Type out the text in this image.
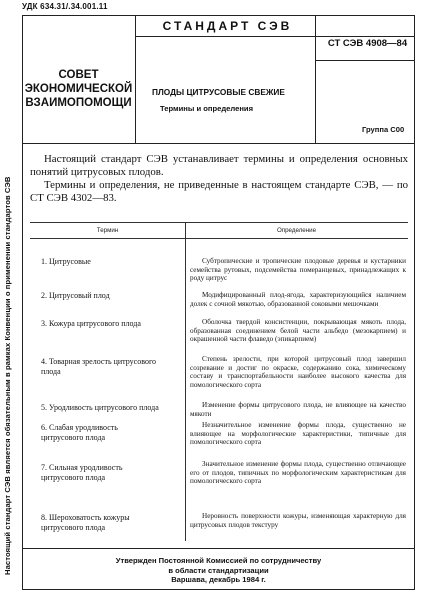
УДК 634.31/.34.001.11
Настоящий стандарт СЭВ является обязательным в рамках Конвенции о применении стандартов СЭВ
СОВЕТ
ЭКОНОМИЧЕСКОЙ
ВЗАИМОПОМОЩИ
СТАНДАРТ СЭВ
СТ СЭВ 4908—84
ПЛОДЫ ЦИТРУСОВЫЕ СВЕЖИЕ
Термины и определения
Группа С00

Настоящий стандарт СЭВ устанавливает термины и определения основных понятий цитрусовых плодов.

Термины и определения, не приведенные в настоящем стандарте СЭВ, — по СТ СЭВ 4302—83.

Термин	Определение
1. Цитрусовые
2. Цитрусовый плод
3. Кожура цитрусового плода
4. Товарная зрелость цитрусового плода
5. Уродливость цитрусового плода
6. Слабая уродливость цитрусового плода
7. Сильная уродливость цитрусового плода
8. Шероховатость кожуры цитрусового плода

Субтропические и тропические плодовые деревья и кустарники семейства рутовых, подсемейства померанцевых, принадлежащих к роду цитрус

Модифицированный плод-ягода, характеризующийся наличием долек с сочной мякотью, образованной соковыми мешочками

Оболочка твердой консистенции, покрывающая мякоть плода, образованная соединением белой части альбедо (мезокарпием) и окрашенной части флаведо (эпикарпием)

Степень зрелости, при которой цитрусовый плод завершил созревание и достиг по окраске, содержанию сока, химическому составу и транспортабельности наиболее высокого качества для помологического сорта

Изменение формы цитрусового плода, не влияющее на качество мякоти

Незначительное изменение формы плода, существенно не влияющее на морфологические характеристики, типичные для помологического сорта

Значительное изменение формы плода, существенно отличающее его от плодов, типичных по морфологическим характеристикам для помологического сорта

Неровность поверхности кожуры, изменяющая характерную для цитрусовых плодов текстуру

Утвержден Постоянной Комиссией по сотрудничеству
в области стандартизации
Варшава, декабрь 1984 г.
